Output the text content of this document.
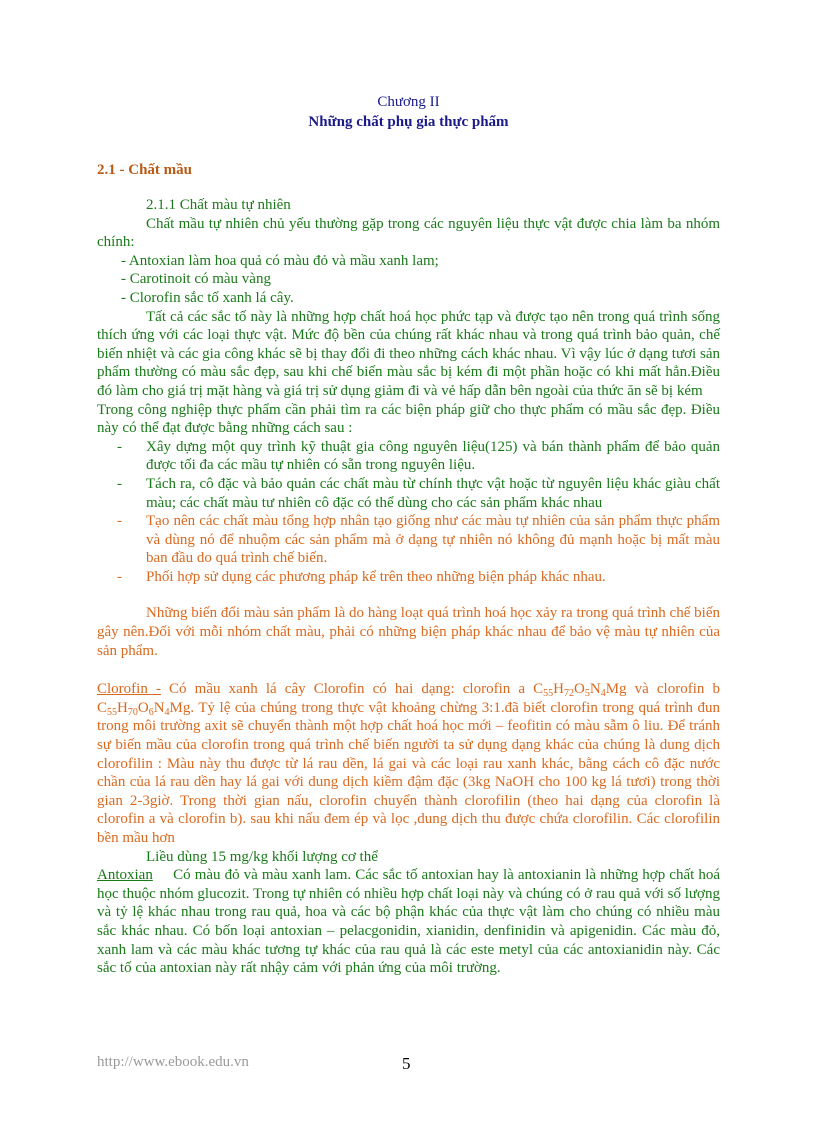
Chương II

Những chất phụ gia thực phẩm

2.1 - Chất mầu

2.1.1 Chất màu tự nhiên

Chất mầu tự nhiên chủ yếu thường gặp trong các nguyên liệu thực vật được chia làm ba nhóm chính:

- Antoxian làm hoa quả có màu đỏ và mầu xanh lam;
- Carotinoit có màu vàng
- Clorofin sắc tố xanh lá cây.

Tất cả các sắc tố này là những hợp chất hoá học phức tạp và được tạo nên trong quá trình sống thích ứng với các loại thực vật. Mức độ bền của chúng rất khác nhau và trong quá trình bảo quản, chế biến nhiệt và các gia công khác sẽ bị thay đổi đi theo những cách khác nhau. Vì vậy lúc ở dạng tươi sản phẩm thường có màu sắc đẹp, sau khi chế biến màu sắc bị kém đi một phần hoặc có khi mất hẳn.Điều đó làm cho giá trị mặt hàng và giá trị sử dụng giảm đi và vẻ hấp dẫn bên ngoài của thức ăn sẽ bị kém

Trong công nghiệp thực phẩm cần phải tìm ra các biện pháp giữ cho thực phẩm có mầu sắc đẹp. Điều này có thể đạt được bằng những cách sau :

-	Xây dựng một quy trình kỹ thuật gia công nguyên liệu(125) và bán thành phẩm để bảo quản được tối đa các mầu tự nhiên có sẵn trong nguyên liệu.
-	Tách ra, cô đặc và bảo quản các chất màu từ chính thực vật hoặc từ nguyên liệu khác giàu chất màu; các chất màu tư nhiên cô đặc có thể dùng cho các sản phẩm khác nhau
-	Tạo nên các chất màu tổng hợp nhân tạo giống như các màu tự nhiên của sản phẩm thực phẩm và dùng nó để nhuộm các sản phẩm mà ở dạng tự nhiên nó không đủ mạnh hoặc bị mất màu ban đầu do quá trình chế biến.
-	Phối hợp sử dụng các phương pháp kể trên theo những biện pháp khác nhau.

Những biến đổi màu sản phẩm là do hàng loạt quá trình hoá học xảy ra trong quá trình chế biến gây nên.Đối với mỗi nhóm chất màu, phải có những biện pháp khác nhau để bảo vệ màu tự nhiên của sản phẩm.

Clorofin - Có mầu xanh lá cây Clorofin có hai dạng: clorofin a $C_{55}H_{72}O_5N_4Mg$ và clorofin b $C_{55}H_{70}O_6N_4Mg$. Tỷ lệ của chúng trong thực vật khoảng chừng 3:1.đã biết clorofin trong quá trình đun trong môi trường axit sẽ chuyển thành một hợp chất hoá học mới – feofitin có màu sẫm ô liu. Để tránh sự biến mầu của clorofin trong quá trình chế biến người ta sử dụng dạng khác của chúng là dung dịch clorofilin : Màu này thu được từ lá rau dền, lá gai và các loại rau xanh khác, bằng cách cô đặc nước chần của lá rau dền hay lá gai với dung dịch kiềm đậm đặc (3kg NaOH cho 100 kg lá tươi) trong thời gian 2-3giờ. Trong thời gian nấu, clorofin chuyển thành clorofilin (theo hai dạng của clorofin là clorofin a và clorofin b). sau khi nấu đem ép và lọc ,dung dịch thu được chứa clorofilin. Các clorofilin bền mầu hơn

Liều dùng 15 mg/kg khối lượng cơ thể

Antoxian Có màu đỏ và màu xanh lam. Các sắc tố antoxian hay là antoxianin là những hợp chất hoá học thuộc nhóm glucozit. Trong tự nhiên có nhiều hợp chất loại này và chúng có ở rau quả với số lượng và tỷ lệ khác nhau trong rau quả, hoa và các bộ phận khác của thực vật làm cho chúng có nhiều màu sắc khác nhau. Có bốn loại antoxian – pelacgonidin, xianidin, denfinidin và apigenidin. Các màu đỏ, xanh lam và các màu khác tương tự khác của rau quả là các este metyl của các antoxianidin này. Các sắc tố của antoxian này rất nhậy cảm với phản ứng của môi trường.

http://www.ebook.edu.vn	5
